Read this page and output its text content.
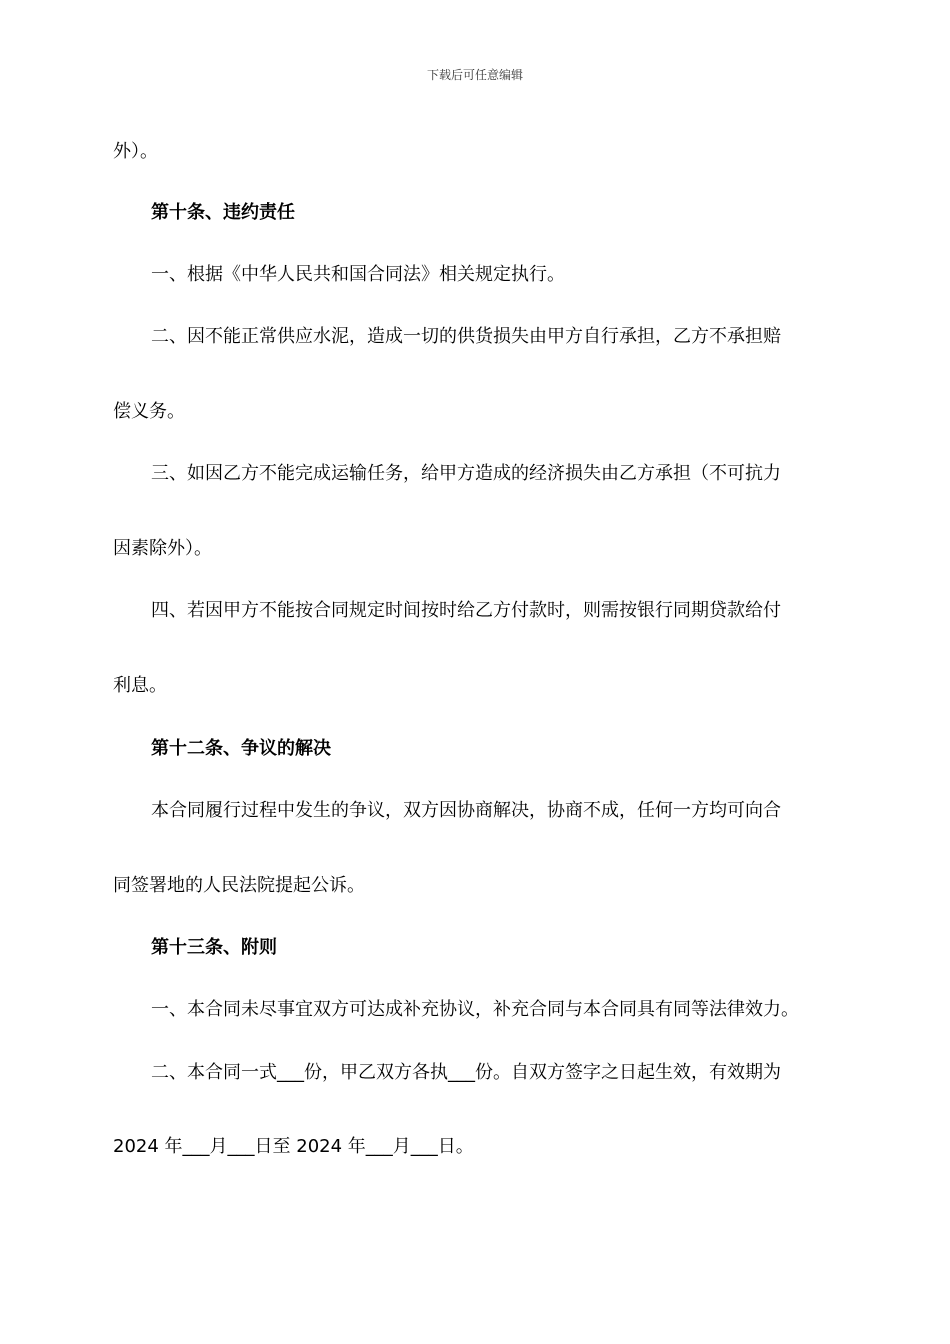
下载后可任意编辑
外）。
第十条、违约责任
一、根据《中华人民共和国合同法》相关规定执行。
二、因不能正常供应水泥，造成一切的供货损失由甲方自行承担，乙方不承担赔
偿义务。
三、如因乙方不能完成运输任务，给甲方造成的经济损失由乙方承担（不可抗力
因素除外）。
四、若因甲方不能按合同规定时间按时给乙方付款时，则需按银行同期贷款给付
利息。
第十二条、争议的解决
本合同履行过程中发生的争议，双方因协商解决，协商不成，任何一方均可向合
同签署地的人民法院提起公诉。
第十三条、附则
一、本合同未尽事宜双方可达成补充协议，补充合同与本合同具有同等法律效力。
二、本合同一式___份，甲乙双方各执___份。自双方签字之日起生效，有效期为
2024 年___月___日至 2024 年___月___日。
